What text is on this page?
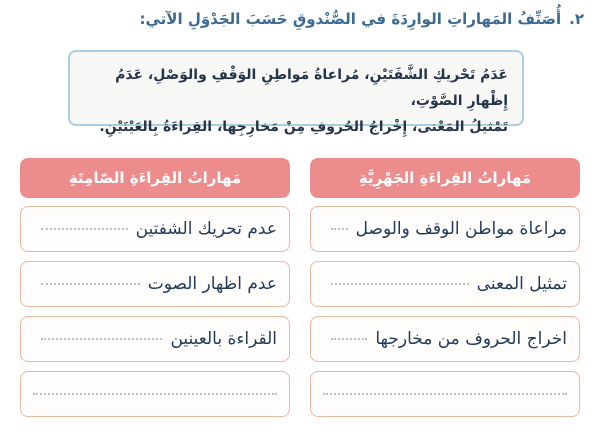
٢.
أُصَنِّفُ المَهاراتِ الوارِدَةَ في الصُّنْدوقِ حَسَبَ الجَدْوَلِ الآتي:
عَدَمُ تَحْريكِ الشَّفَتَيْنِ، مُراعاةُ مَواطِنِ الوَقْفِ والوَصْلِ، عَدَمُ إِظْهارِ الصَّوْتِ،
تَمْثيلُ المَعْنى، إِخْراجُ الحُروفِ مِنْ مَخارِجِها، القِراءَةُ بِالعَيْنَيْنِ.
مَهاراتُ القِراءَةِ الجَهْرِيَّةِ
مراعاة مواطن الوقف والوصل
تمثيل المعنى
اخراج الحروف من مخارجها
مَهاراتُ القِراءَةِ الصّامِتَةِ
عدم تحريك الشفتين
عدم اظهار الصوت
القراءة بالعينين
